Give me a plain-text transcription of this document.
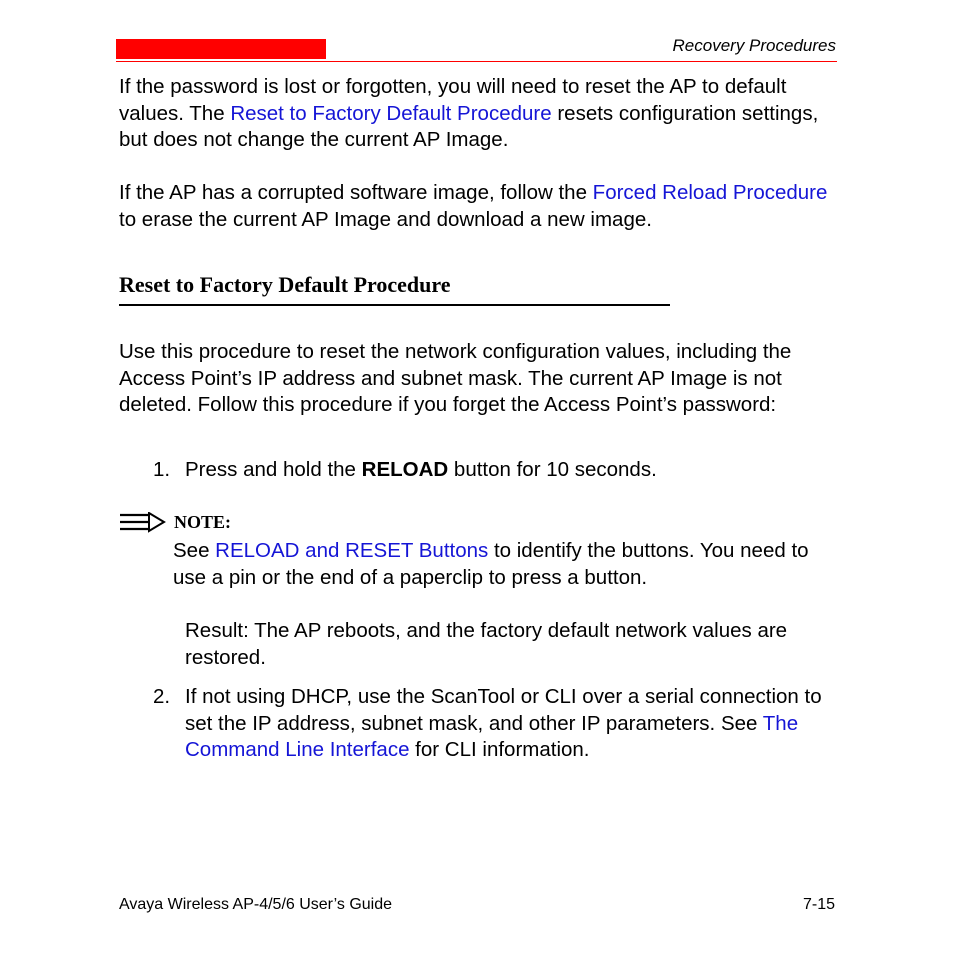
Recovery Procedures
If the password is lost or forgotten, you will need to reset the AP to default values. The Reset to Factory Default Procedure resets configuration settings, but does not change the current AP Image.
If the AP has a corrupted software image, follow the Forced Reload Procedure to erase the current AP Image and download a new image.
Reset to Factory Default Procedure
Use this procedure to reset the network configuration values, including the Access Point’s IP address and subnet mask. The current AP Image is not deleted. Follow this procedure if you forget the Access Point’s password:
1. Press and hold the RELOAD button for 10 seconds.
NOTE:
See RELOAD and RESET Buttons to identify the buttons. You need to use a pin or the end of a paperclip to press a button.
Result: The AP reboots, and the factory default network values are restored.
2. If not using DHCP, use the ScanTool or CLI over a serial connection to set the IP address, subnet mask, and other IP parameters. See The Command Line Interface for CLI information.
Avaya Wireless AP-4/5/6 User’s Guide	7-15
